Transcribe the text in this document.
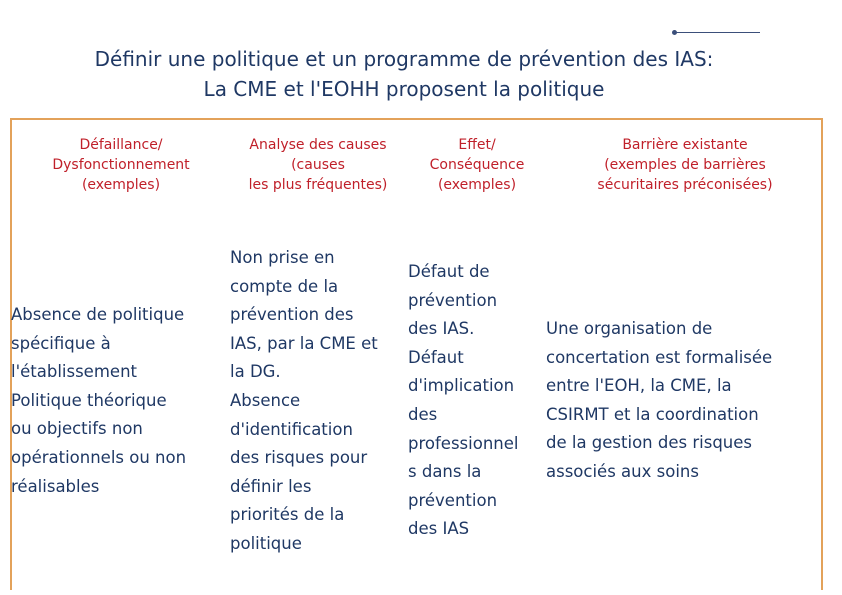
Définir une politique et un programme de prévention des IAS:
La CME et l'EOHH proposent la politique
Défaillance/
Dysfonctionnement
(exemples)
Analyse des causes
(causes
les plus fréquentes)
Effet/
Conséquence
(exemples)
Barrière existante
(exemples de barrières
sécuritaires préconisées)
Absence de politique
spécifique à
l'établissement
Politique théorique
ou objectifs non
opérationnels ou non
réalisables
Non prise en
compte de la
prévention des
IAS, par la CME et
la DG.
Absence
d'identification
des risques pour
définir les
priorités de la
politique
Défaut de
prévention
des IAS.
Défaut
d'implication
des
professionnel
s dans la
prévention
des IAS
Une organisation de
concertation est formalisée
entre l'EOH, la CME, la
CSIRMT et la coordination
de la gestion des risques
associés aux soins
